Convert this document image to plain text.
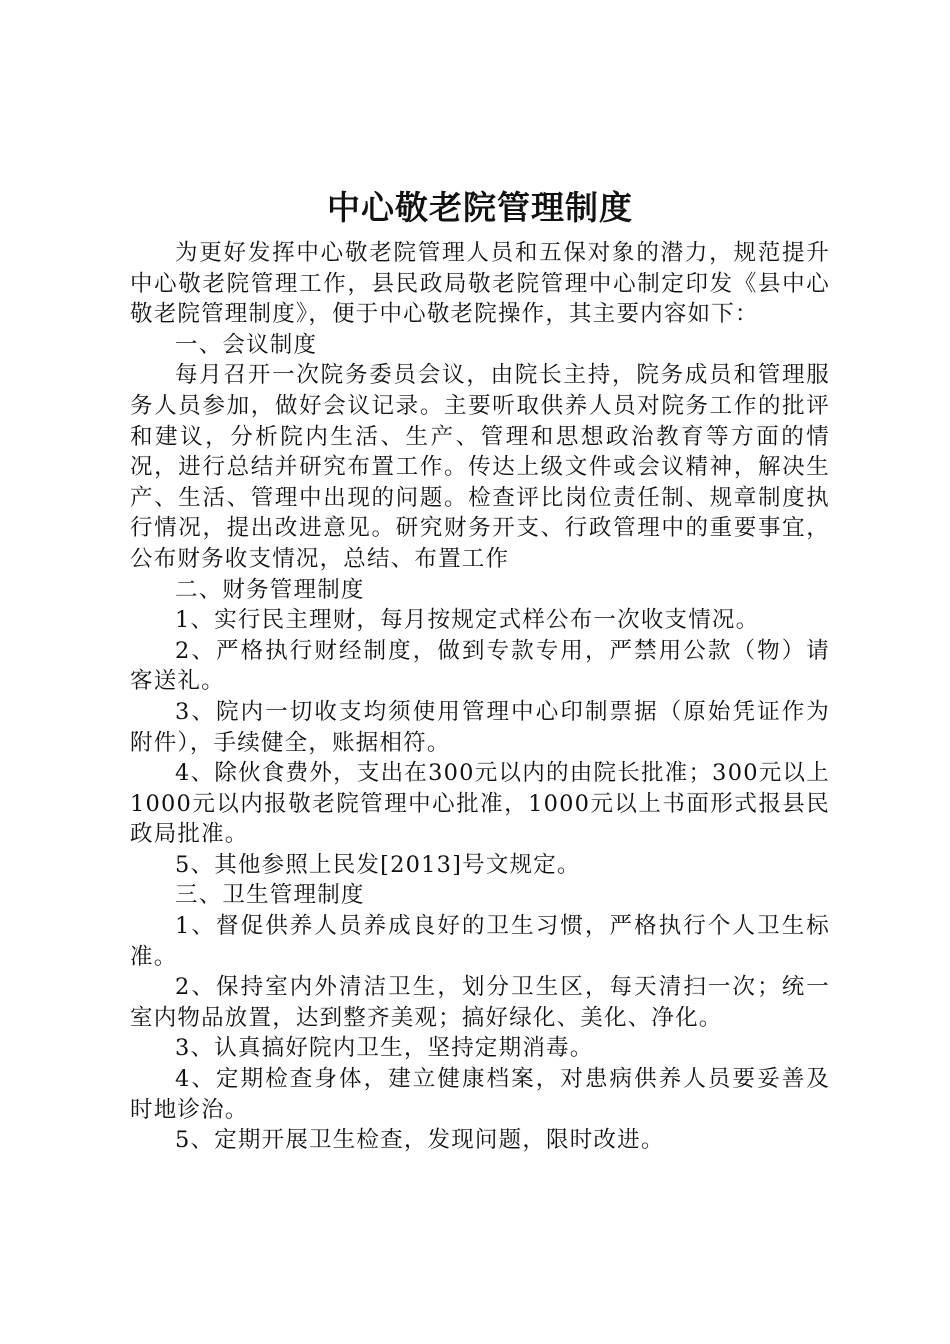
中心敬老院管理制度

为更好发挥中心敬老院管理人员和五保对象的潜力，规范提升中心敬老院管理工作，县民政局敬老院管理中心制定印发《县中心敬老院管理制度》，便于中心敬老院操作，其主要内容如下：

一、会议制度

每月召开一次院务委员会议，由院长主持，院务成员和管理服务人员参加，做好会议记录。主要听取供养人员对院务工作的批评和建议，分析院内生活、生产、管理和思想政治教育等方面的情况，进行总结并研究布置工作。传达上级文件或会议精神，解决生产、生活、管理中出现的问题。检查评比岗位责任制、规章制度执行情况，提出改进意见。研究财务开支、行政管理中的重要事宜，公布财务收支情况，总结、布置工作

二、财务管理制度

1、实行民主理财，每月按规定式样公布一次收支情况。

2、严格执行财经制度，做到专款专用，严禁用公款（物）请客送礼。

3、院内一切收支均须使用管理中心印制票据（原始凭证作为附件），手续健全，账据相符。

4、除伙食费外，支出在300元以内的由院长批准；300元以上1000元以内报敬老院管理中心批准，1000元以上书面形式报县民政局批准。

5、其他参照上民发[2013]号文规定。

三、卫生管理制度

1、督促供养人员养成良好的卫生习惯，严格执行个人卫生标准。

2、保持室内外清洁卫生，划分卫生区，每天清扫一次；统一室内物品放置，达到整齐美观；搞好绿化、美化、净化。

3、认真搞好院内卫生，坚持定期消毒。

4、定期检查身体，建立健康档案，对患病供养人员要妥善及时地诊治。

5、定期开展卫生检查，发现问题，限时改进。
